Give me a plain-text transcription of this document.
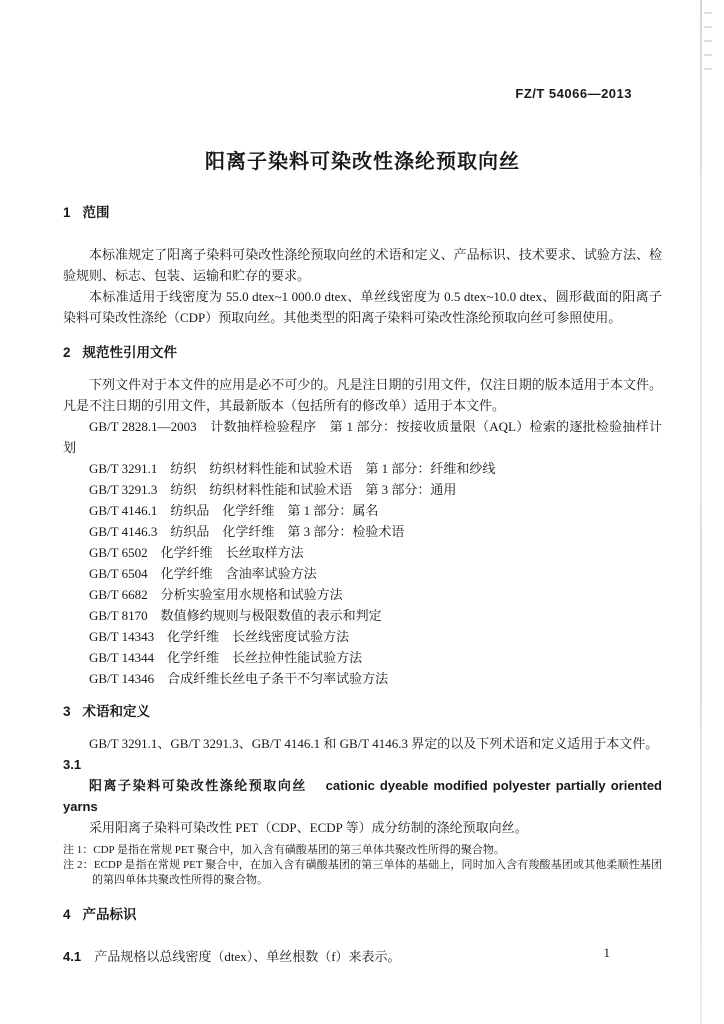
FZ/T 54066—2013
阳离子染料可染改性涤纶预取向丝
1 范围

本标准规定了阳离子染料可染改性涤纶预取向丝的术语和定义、产品标识、技术要求、试验方法、检验规则、标志、包装、运输和贮存的要求。

本标准适用于线密度为 55.0 dtex~1 000.0 dtex、单丝线密度为 0.5 dtex~10.0 dtex、圆形截面的阳离子染料可染改性涤纶（CDP）预取向丝。其他类型的阳离子染料可染改性涤纶预取向丝可参照使用。

2 规范性引用文件

下列文件对于本文件的应用是必不可少的。凡是注日期的引用文件，仅注日期的版本适用于本文件。凡是不注日期的引用文件，其最新版本（包括所有的修改单）适用于本文件。

GB/T 2828.1—2003　计数抽样检验程序　第 1 部分：按接收质量限（AQL）检索的逐批检验抽样计划

GB/T 3291.1　纺织　纺织材料性能和试验术语　第 1 部分：纤维和纱线

GB/T 3291.3　纺织　纺织材料性能和试验术语　第 3 部分：通用

GB/T 4146.1　纺织品　化学纤维　第 1 部分：属名

GB/T 4146.3　纺织品　化学纤维　第 3 部分：检验术语

GB/T 6502　化学纤维　长丝取样方法

GB/T 6504　化学纤维　含油率试验方法

GB/T 6682　分析实验室用水规格和试验方法

GB/T 8170　数值修约规则与极限数值的表示和判定

GB/T 14343　化学纤维　长丝线密度试验方法

GB/T 14344　化学纤维　长丝拉伸性能试验方法

GB/T 14346　合成纤维长丝电子条干不匀率试验方法

3 术语和定义

GB/T 3291.1、GB/T 3291.3、GB/T 4146.1 和 GB/T 4146.3 界定的以及下列术语和定义适用于本文件。

3.1

阳离子染料可染改性涤纶预取向丝 cationic dyeable modified polyester partially oriented yarns

采用阳离子染料可染改性 PET（CDP、ECDP 等）成分纺制的涤纶预取向丝。

注 1：CDP 是指在常规 PET 聚合中，加入含有磺酸基团的第三单体共聚改性所得的聚合物。

注 2：ECDP 是指在常规 PET 聚合中，在加入含有磺酸基团的第三单体的基础上，同时加入含有羧酸基团或其他柔顺性基团的第四单体共聚改性所得的聚合物。

4 产品标识

4.1 产品规格以总线密度（dtex）、单丝根数（f）来表示。	1
